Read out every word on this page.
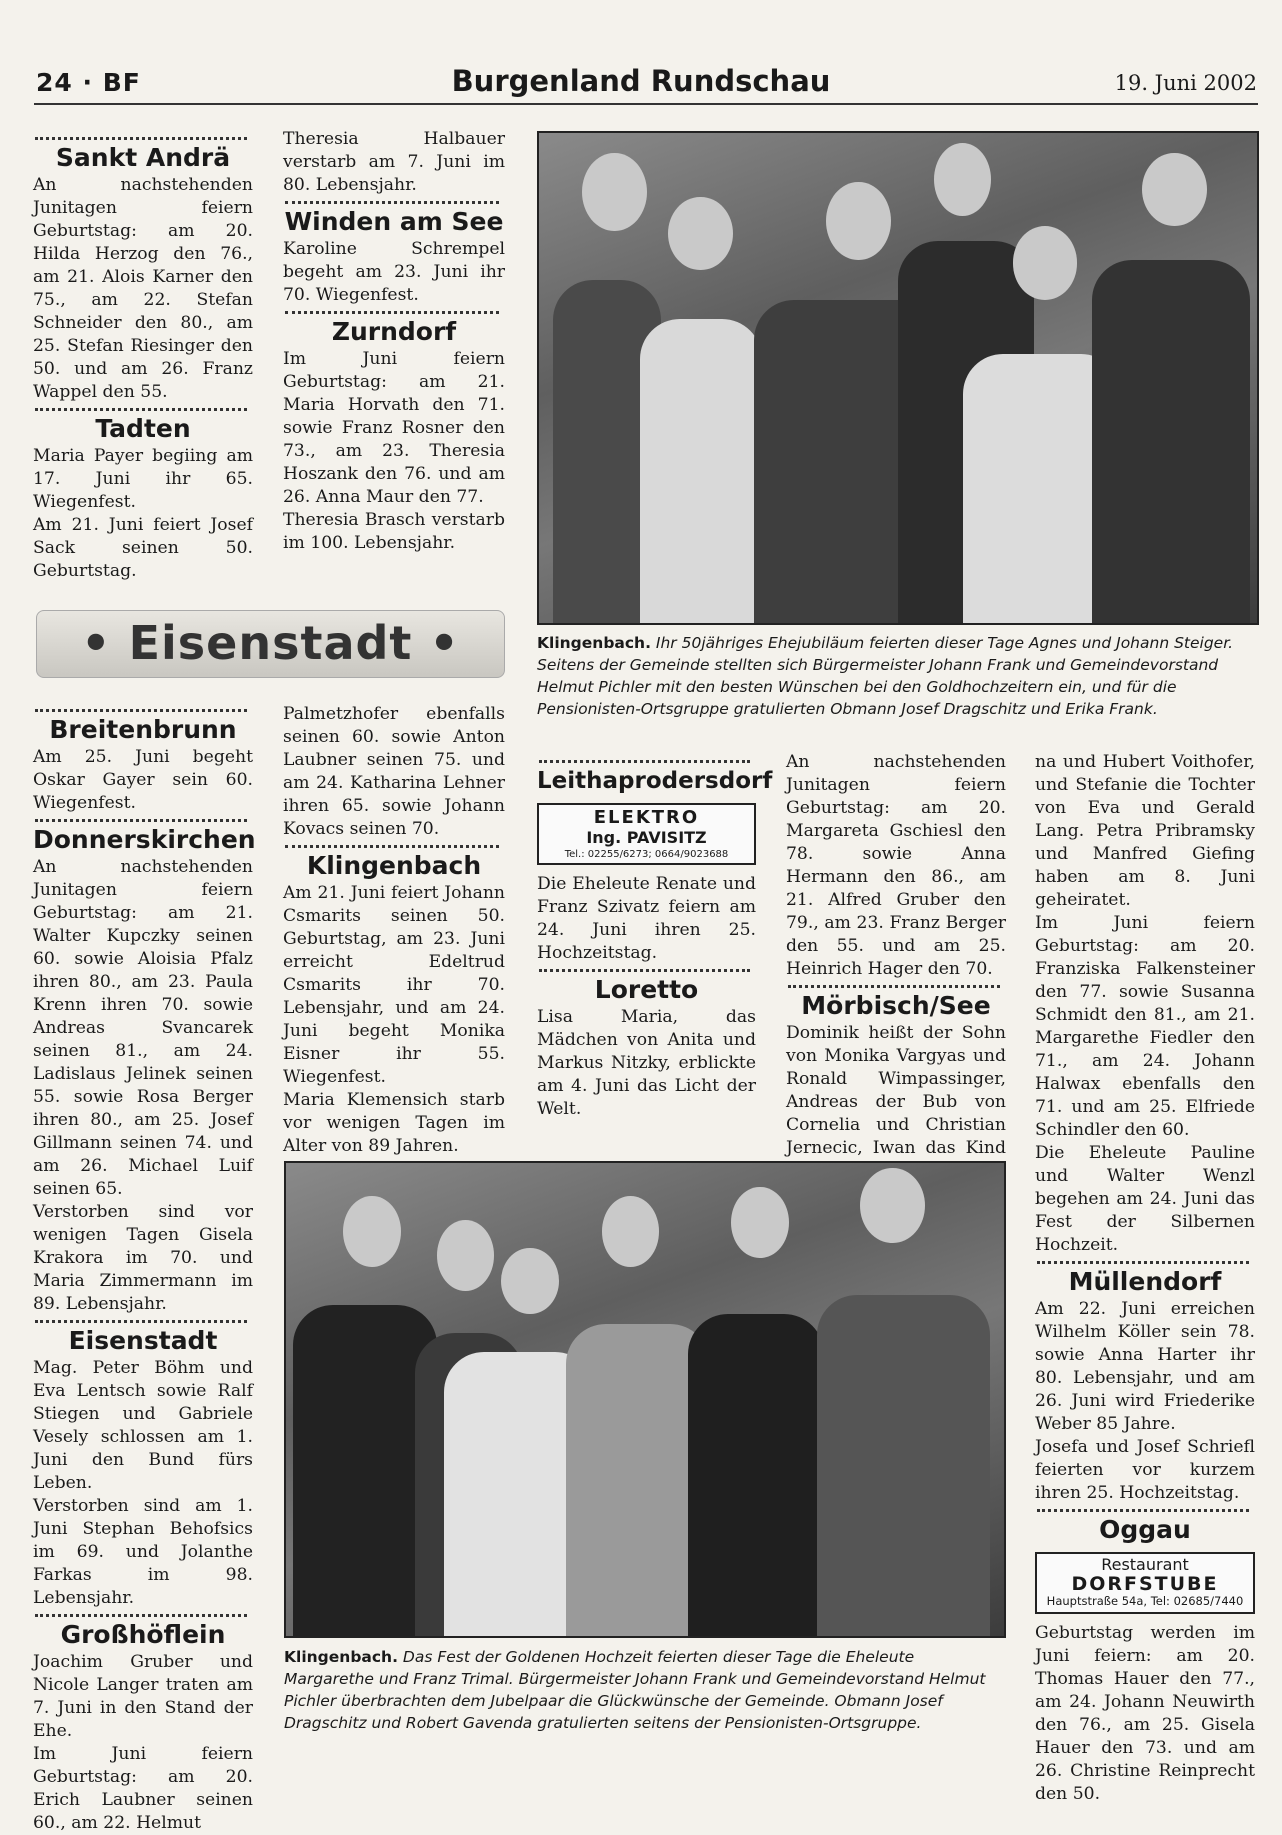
24 · BF	Burgenland Rundschau	19. Juni 2002
Sankt Andrä

An nachstehenden Junitagen feiern Geburtstag: am 20. Hilda Herzog den 76., am 21. Alois Karner den 75., am 22. Stefan Schneider den 80., am 25. Stefan Riesinger den 50. und am 26. Franz Wappel den 55.

Tadten

Maria Payer begiing am 17. Juni ihr 65. Wiegenfest.

Am 21. Juni feiert Josef Sack seinen 50. Geburtstag.

Theresia Halbauer verstarb am 7. Juni im 80. Lebensjahr.

Winden am See

Karoline Schrempel begeht am 23. Juni ihr 70. Wiegenfest.

Zurndorf

Im Juni feiern Geburtstag: am 21. Maria Horvath den 71. sowie Franz Rosner den 73., am 23. Theresia Hoszank den 76. und am 26. Anna Maur den 77.

Theresia Brasch verstarb im 100. Lebensjahr.

Klingenbach. Ihr 50jähriges Ehejubiläum feierten dieser Tage Agnes und Johann Steiger. Seitens der Gemeinde stellten sich Bürgermeister Johann Frank und Gemeindevorstand Helmut Pichler mit den besten Wünschen bei den Goldhochzeitern ein, und für die Pensionisten-Ortsgruppe gratulierten Obmann Josef Dragschitz und Erika Frank.
• Eisenstadt •
Breitenbrunn

Am 25. Juni begeht Oskar Gayer sein 60. Wiegenfest.

Donnerskirchen

An nachstehenden Junitagen feiern Geburtstag: am 21. Walter Kupczky seinen 60. sowie Aloisia Pfalz ihren 80., am 23. Paula Krenn ihren 70. sowie Andreas Svancarek seinen 81., am 24. Ladislaus Jelinek seinen 55. sowie Rosa Berger ihren 80., am 25. Josef Gillmann seinen 74. und am 26. Michael Luif seinen 65.

Verstorben sind vor wenigen Tagen Gisela Krakora im 70. und Maria Zimmermann im 89. Lebensjahr.

Eisenstadt

Mag. Peter Böhm und Eva Lentsch sowie Ralf Stiegen und Gabriele Vesely schlossen am 1. Juni den Bund fürs Leben.

Verstorben sind am 1. Juni Stephan Behofsics im 69. und Jolanthe Farkas im 98. Lebensjahr.

Großhöflein

Joachim Gruber und Nicole Langer traten am 7. Juni in den Stand der Ehe.

Im Juni feiern Geburtstag: am 20. Erich Laubner seinen 60., am 22. Helmut

Palmetzhofer ebenfalls seinen 60. sowie Anton Laubner seinen 75. und am 24. Katharina Lehner ihren 65. sowie Johann Kovacs seinen 70.

Klingenbach

Am 21. Juni feiert Johann Csmarits seinen 50. Geburtstag, am 23. Juni erreicht Edeltrud Csmarits ihr 70. Lebensjahr, und am 24. Juni begeht Monika Eisner ihr 55. Wiegenfest.

Maria Klemensich starb vor wenigen Tagen im Alter von 89 Jahren.

Leithaprodersdorf
ELEKTRO
Ing. PAVISITZ
Tel.: 02255/6273; 0664/9023688

Die Eheleute Renate und Franz Szivatz feiern am 24. Juni ihren 25. Hochzeitstag.

Loretto

Lisa Maria, das Mädchen von Anita und Markus Nitzky, erblickte am 4. Juni das Licht der Welt.

An nachstehenden Junitagen feiern Geburtstag: am 20. Margareta Gschiesl den 78. sowie Anna Hermann den 86., am 21. Alfred Gruber den 79., am 23. Franz Berger den 55. und am 25. Heinrich Hager den 70.

Mörbisch/See

Dominik heißt der Sohn von Monika Vargyas und Ronald Wimpassinger, Andreas der Bub von Cornelia und Christian Jernecic, Iwan das Kind

na und Hubert Voithofer, und Stefanie die Tochter von Eva und Gerald Lang. Petra Pribramsky und Manfred Giefing haben am 8. Juni geheiratet.

Im Juni feiern Geburtstag: am 20. Franziska Falkensteiner den 77. sowie Susanna Schmidt den 81., am 21. Margarethe Fiedler den 71., am 24. Johann Halwax ebenfalls den 71. und am 25. Elfriede Schindler den 60.

Die Eheleute Pauline und Walter Wenzl begehen am 24. Juni das Fest der Silbernen Hochzeit.

Müllendorf

Am 22. Juni erreichen Wilhelm Köller sein 78. sowie Anna Harter ihr 80. Lebensjahr, und am 26. Juni wird Friederike Weber 85 Jahre.

Josefa und Josef Schriefl feierten vor kurzem ihren 25. Hochzeitstag.

Oggau
Restaurant
DORFSTUBE
Hauptstraße 54a, Tel: 02685/7440

Geburtstag werden im Juni feiern: am 20. Thomas Hauer den 77., am 24. Johann Neuwirth den 76., am 25. Gisela Hauer den 73. und am 26. Christine Reinprecht den 50.

Klingenbach. Das Fest der Goldenen Hochzeit feierten dieser Tage die Eheleute Margarethe und Franz Trimal. Bürgermeister Johann Frank und Gemeindevorstand Helmut Pichler überbrachten dem Jubelpaar die Glückwünsche der Gemeinde. Obmann Josef Dragschitz und Robert Gavenda gratulierten seitens der Pensionisten-Ortsgruppe.
